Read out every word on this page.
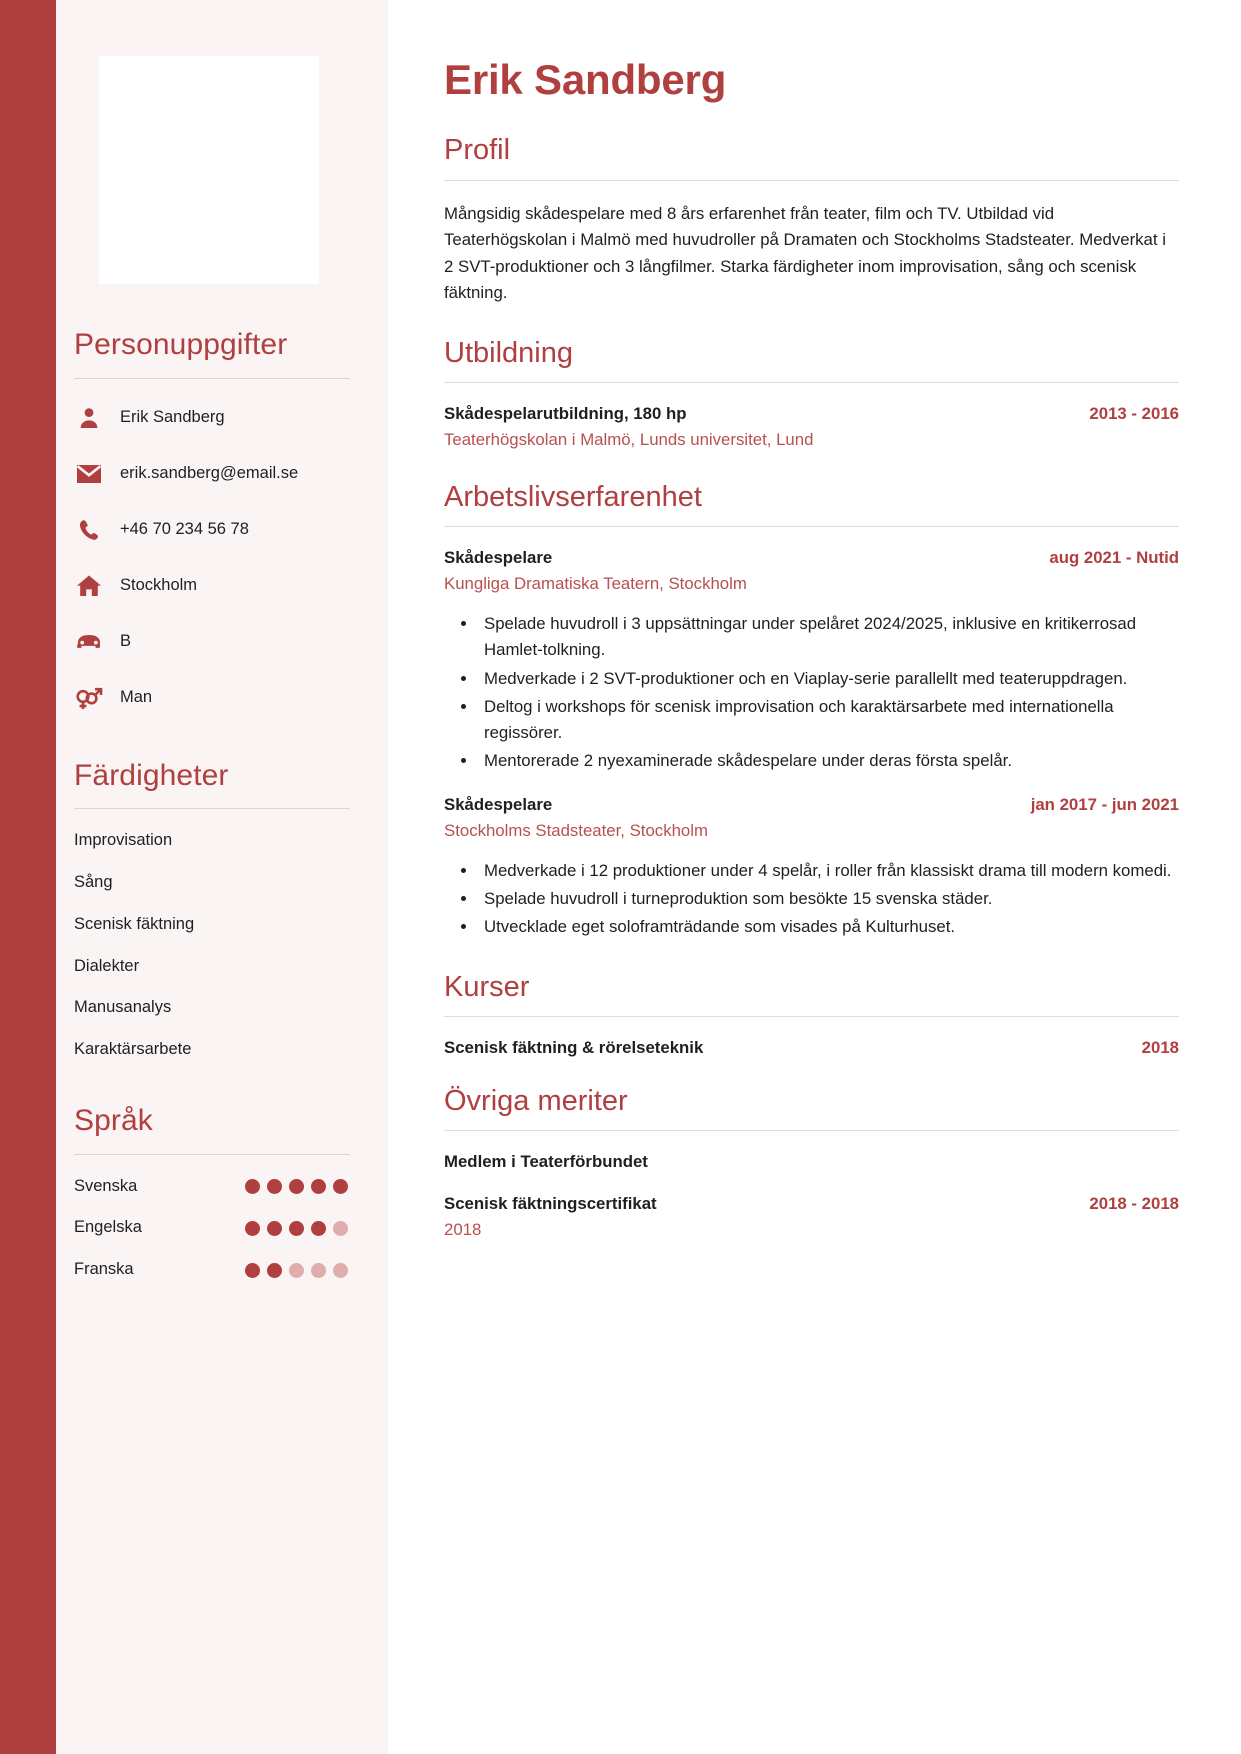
Personuppgifter
Erik Sandberg
erik.sandberg@email.se
+46 70 234 56 78
Stockholm
B
Man
Färdigheter
Improvisation
Sång
Scenisk fäktning
Dialekter
Manusanalys
Karaktärsarbete
Språk
Svenska
Engelska
Franska
Erik Sandberg
Profil

Mångsidig skådespelare med 8 års erfarenhet från teater, film och TV. Utbildad vid Teaterhögskolan i Malmö med huvudroller på Dramaten och Stockholms Stadsteater. Medverkat i 2 SVT-produktioner och 3 långfilmer. Starka färdigheter inom improvisation, sång och scenisk fäktning.

Utbildning
Skådespelarutbildning, 180 hp	2013 - 2016
Teaterhögskolan i Malmö, Lunds universitet, Lund
Arbetslivserfarenhet
Skådespelare	aug 2021 - Nutid
Kungliga Dramatiska Teatern, Stockholm
• Spelade huvudroll i 3 uppsättningar under spelåret 2024/2025, inklusive en kritikerrosad Hamlet-tolkning.
• Medverkade i 2 SVT-produktioner och en Viaplay-serie parallellt med teateruppdragen.
• Deltog i workshops för scenisk improvisation och karaktärsarbete med internationella regissörer.
• Mentorerade 2 nyexaminerade skådespelare under deras första spelår.
Skådespelare	jan 2017 - jun 2021
Stockholms Stadsteater, Stockholm
• Medverkade i 12 produktioner under 4 spelår, i roller från klassiskt drama till modern komedi.
• Spelade huvudroll i turneproduktion som besökte 15 svenska städer.
• Utvecklade eget soloframträdande som visades på Kulturhuset.
Kurser
Scenisk fäktning & rörelseteknik	2018
Övriga meriter
Medlem i Teaterförbundet
Scenisk fäktningscertifikat	2018 - 2018
2018
